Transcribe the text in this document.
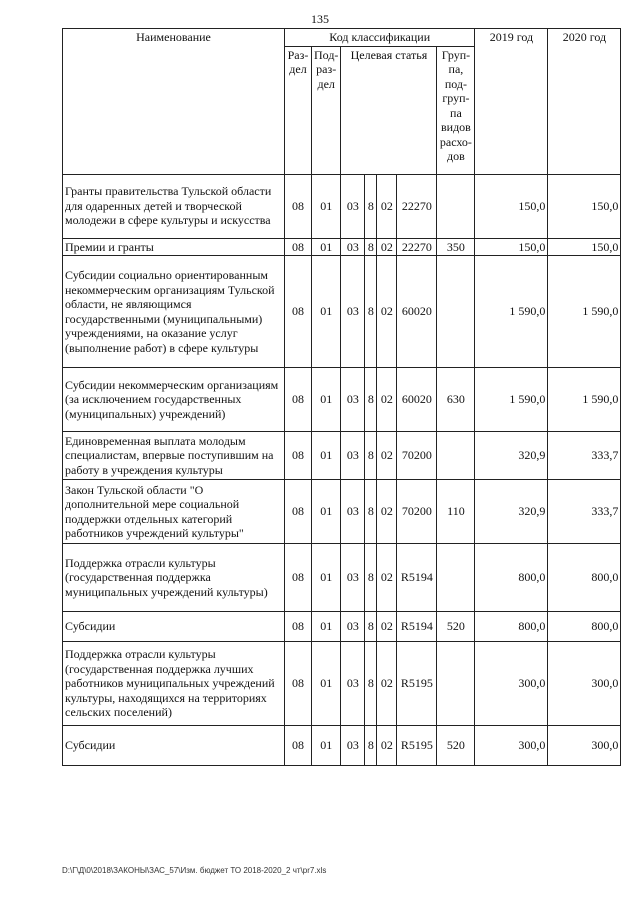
135
Наименование	Код классификации							2019 год	2020 год
	Раз-дел	Под-раз-дел	Целевая статья				Груп-па, под-груп-па видов расхо-дов		
Гранты правительства Тульской области для одаренных детей и творческой молодежи в сфере культуры и искусства	08	01	03	8	02	22270		150,0	150,0
Премии и гранты	08	01	03	8	02	22270	350	150,0	150,0
Субсидии социально ориентированным некоммерческим организациям Тульской области, не являющимся государственными (муниципальными) учреждениями, на оказание услуг (выполнение работ) в сфере культуры	08	01	03	8	02	60020		1 590,0	1 590,0
Субсидии некоммерческим организациям (за исключением государственных (муниципальных) учреждений)	08	01	03	8	02	60020	630	1 590,0	1 590,0
Единовременная выплата молодым специалистам, впервые поступившим на работу в учреждения культуры	08	01	03	8	02	70200		320,9	333,7
Закон Тульской области "О дополнительной мере социальной поддержки отдельных категорий работников учреждений культуры"	08	01	03	8	02	70200	110	320,9	333,7
Поддержка отрасли культуры (государственная поддержка муниципальных учреждений культуры)	08	01	03	8	02	R5194		800,0	800,0
Субсидии	08	01	03	8	02	R5194	520	800,0	800,0
Поддержка отрасли культуры (государственная поддержка лучших работников муниципальных учреждений культуры, находящихся на территориях сельских поселений)	08	01	03	8	02	R5195		300,0	300,0
Субсидии	08	01	03	8	02	R5195	520	300,0	300,0
D:\Г\Д\0\2018\ЗАКОНЫ\ЗАС_57\Изм. бюджет ТО 2018-2020_2 чт\pr7.xls
